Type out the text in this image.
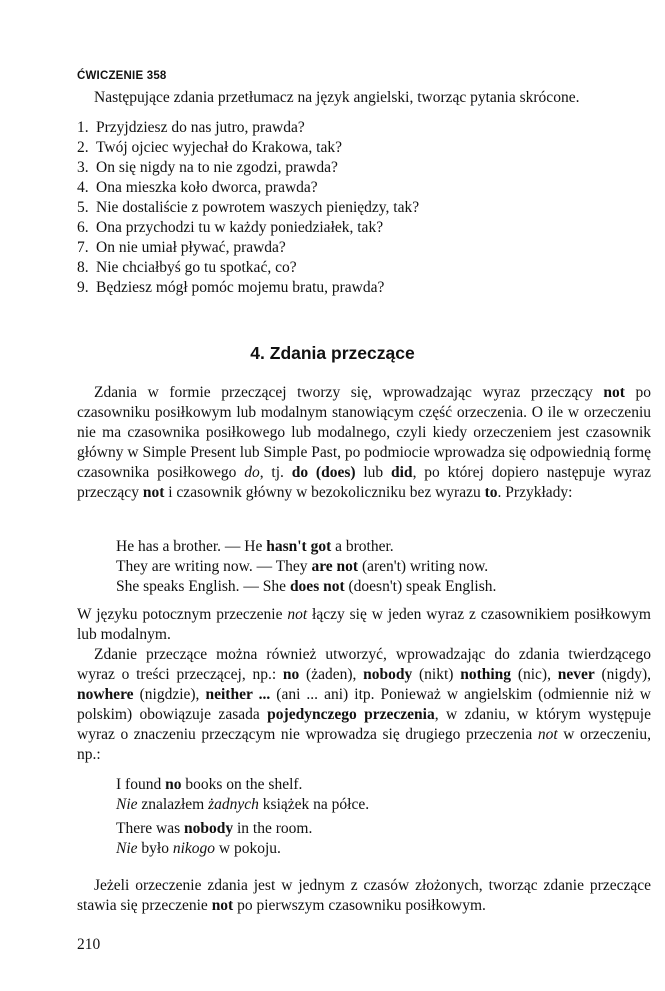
ĆWICZENIE 358
Następujące zdania przetłumacz na język angielski, tworząc pytania skrócone.
1. Przyjdziesz do nas jutro, prawda?
2. Twój ojciec wyjechał do Krakowa, tak?
3. On się nigdy na to nie zgodzi, prawda?
4. Ona mieszka koło dworca, prawda?
5. Nie dostaliście z powrotem waszych pieniędzy, tak?
6. Ona przychodzi tu w każdy poniedziałek, tak?
7. On nie umiał pływać, prawda?
8. Nie chciałbyś go tu spotkać, co?
9. Będziesz mógł pomóc mojemu bratu, prawda?
4. Zdania przeczące

Zdania w formie przeczącej tworzy się, wprowadzając wyraz przeczący not po czasowniku posiłkowym lub modalnym stanowiącym część orzeczenia. O ile w orzeczeniu nie ma czasownika posiłkowego lub modalnego, czyli kiedy orzeczeniem jest czasownik główny w Simple Present lub Simple Past, po podmiocie wprowadza się odpowiednią formę czasownika posiłkowego do, tj. do (does) lub did, po której dopiero następuje wyraz przeczący not i czasownik główny w bezokoliczniku bez wyrazu to. Przykłady:

He has a brother. — He hasn't got a brother.
They are writing now. — They are not (aren't) writing now.
She speaks English. — She does not (doesn't) speak English.

W języku potocznym przeczenie not łączy się w jeden wyraz z czasownikiem posiłkowym lub modalnym.

Zdanie przeczące można również utworzyć, wprowadzając do zdania twierdzącego wyraz o treści przeczącej, np.: no (żaden), nobody (nikt) nothing (nic), never (nigdy), nowhere (nigdzie), neither ... (ani ... ani) itp. Ponieważ w angielskim (odmiennie niż w polskim) obowiązuje zasada pojedynczego przeczenia, w zdaniu, w którym występuje wyraz o znaczeniu przeczącym nie wprowadza się drugiego przeczenia not w orzeczeniu, np.:

I found no books on the shelf.
Nie znalazłem żadnych książek na półce.
There was nobody in the room.
Nie było nikogo w pokoju.

Jeżeli orzeczenie zdania jest w jednym z czasów złożonych, tworząc zdanie przeczące stawia się przeczenie not po pierwszym czasowniku posiłkowym.

210
